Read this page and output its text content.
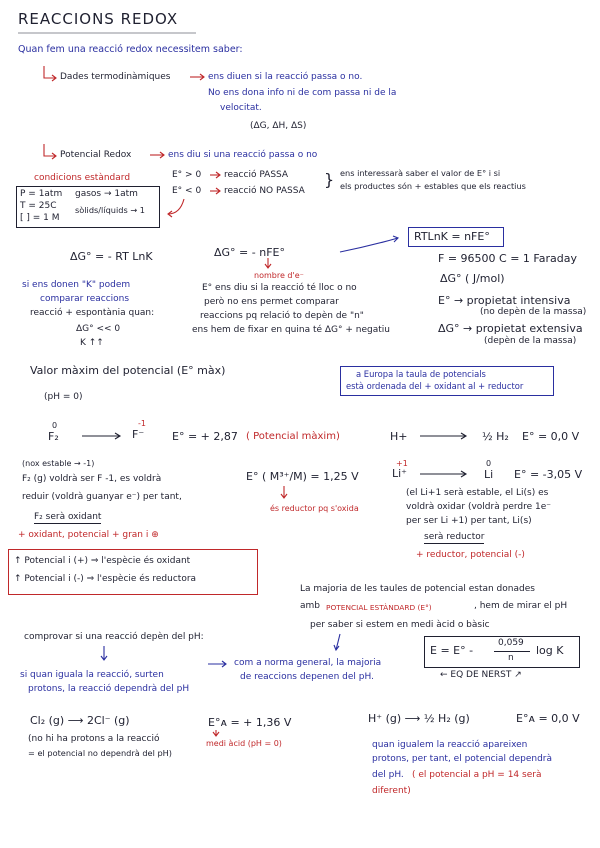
REACCIONS REDOX
Quan fem una reacció redox necessitem saber:
Dades termodinàmiques	ens diuen si la reacció passa o no.
No ens dona info ni de com passa ni de la
velocitat.
(ΔG, ΔH, ΔS)
Potencial Redox	ens diu si una reacció passa o no
E° > 0	reacció PASSA
E° < 0	reacció NO PASSA
} ens interessarà saber el valor de E° i si
els productes són + estables que els reactius
condicions estàndard
P = 1atm
T = 25C
[ ] = 1 M
gasos → 1atm
sòlids/líquids → 1
ΔG° = - RT LnK	ΔG° = - nFE°
nombre d'e⁻
RTLnK = nFE°
si ens donen "K" podem
comparar reaccions
reacció + espontània quan:
ΔG° << 0
K ↑↑
E° ens diu si la reacció té lloc o no
però no ens permet comparar
reaccions pq relació to depèn de "n"
ens hem de fixar en quina té ΔG° + negatiu
F = 96500 C = 1 Faraday
ΔG° ( J/mol)
E° → propietat intensiva
(no depèn de la massa)
ΔG° → propietat extensiva
(depèn de la massa)
Valor màxim del potencial (E° màx)
(pH = 0)
a Europa la taula de potencials
està ordenada del + oxidant al + reductor
0
F₂
-1
F⁻	E° = + 2,87 ( Potencial màxim)	H+	½ H₂ E° = 0,0 V
+1
Li⁺
0
Li E° = -3,05 V
E° ( M³⁺/M) = 1,25 V
és reductor pq s'oxida
(nox estable → -1)
F₂ (g) voldrà ser F -1, es voldrà
reduir (voldrà guanyar e⁻) per tant,
F₂ serà oxidant
+ oxidant, potencial + gran i ⊕
(el Li+1 serà estable, el Li(s) es
voldrà oxidar (voldrà perdre 1e⁻
per ser Li +1) per tant, Li(s)
serà reductor
+ reductor, potencial (-)
↑ Potencial i (+) ⇒ l'espècie és oxidant
↑ Potencial i (-) ⇒ l'espècie és reductora
La majoria de les taules de potencial estan donades
amb POTENCIAL ESTÀNDARD (E°)	, hem de mirar el pH
per saber si estem en medi àcid o bàsic
E = E° -
0,059
n
log K
← EQ DE NERST ↗
comprovar si una reacció depèn del pH:
si quan iguala la reacció, surten
protons, la reacció dependrà del pH
com a norma general, la majoria
de reaccions depenen del pH.
Cl₂ (g) ⟶ 2Cl⁻ (g)	E°ᴀ = + 1,36 V
medi àcid (pH = 0)
(no hi ha protons a la reacció
= el potencial no dependrà del pH)
H⁺ (g) ⟶ ½ H₂ (g)	E°ᴀ = 0,0 V
quan igualem la reacció apareixen
protons, per tant, el potencial dependrà
del pH. ( el potencial a pH = 14 serà
diferent)
